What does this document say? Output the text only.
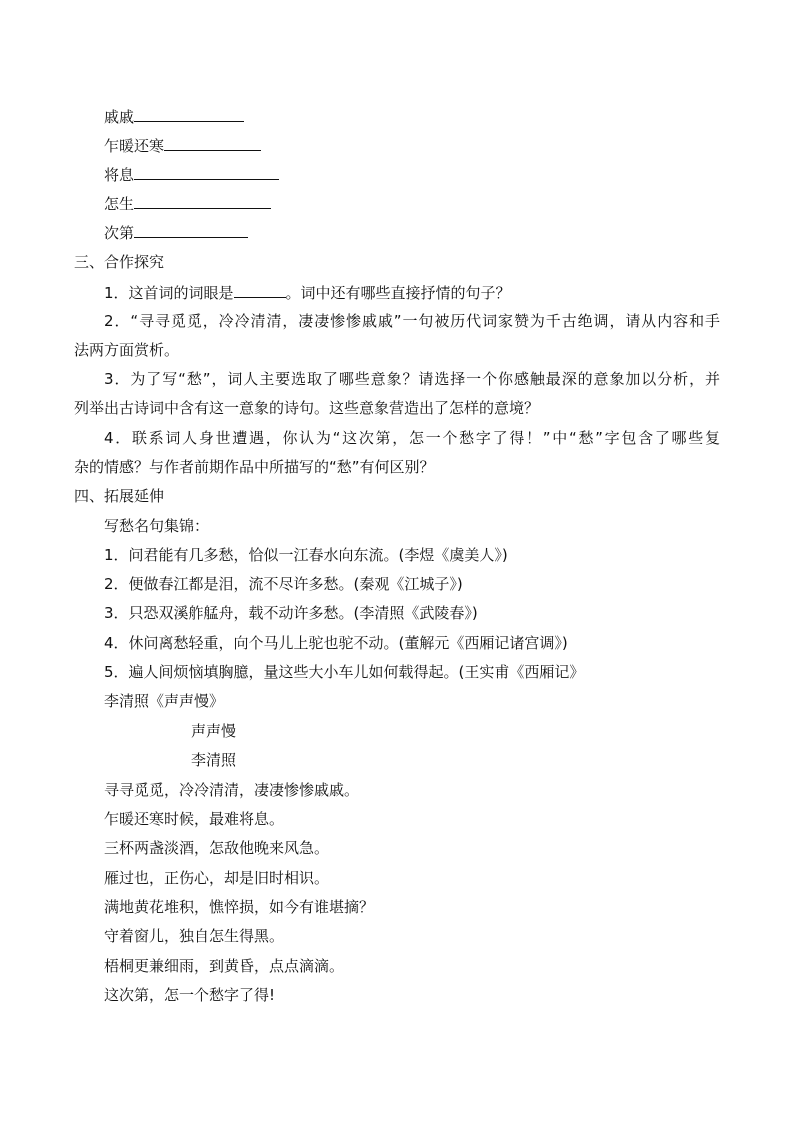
戚戚
乍暖还寒
将息
怎生
次第
三、合作探究
1．这首词的词眼是	。词中还有哪些直接抒情的句子？
2．“寻寻觅觅，冷冷清清，凄凄惨惨戚戚”一句被历代词家赞为千古绝调，请从内容和手
法两方面赏析。
3．为了写“愁”，词人主要选取了哪些意象？请选择一个你感触最深的意象加以分析，并
列举出古诗词中含有这一意象的诗句。这些意象营造出了怎样的意境？
4．联系词人身世遭遇，你认为“这次第，怎一个愁字了得！”中“愁”字包含了哪些复
杂的情感？与作者前期作品中所描写的“愁”有何区别？
四、拓展延伸
写愁名句集锦：
1．问君能有几多愁，恰似一江春水向东流。(李煜《虞美人》)
2．便做春江都是泪，流不尽许多愁。(秦观《江城子》)
3．只恐双溪舴艋舟，载不动许多愁。(李清照《武陵春》)
4．休问离愁轻重，向个马儿上驼也驼不动。(董解元《西厢记诸宫调》)
5．遍人间烦恼填胸臆，量这些大小车儿如何载得起。(王实甫《西厢记》
李清照《声声慢》
声声慢
李清照
寻寻觅觅，冷冷清清，凄凄惨惨戚戚。
乍暖还寒时候，最难将息。
三杯两盏淡酒，怎敌他晚来风急。
雁过也，正伤心，却是旧时相识。
满地黄花堆积，憔悴损，如今有谁堪摘？
守着窗儿，独自怎生得黑。
梧桐更兼细雨，到黄昏，点点滴滴。
这次第，怎一个愁字了得!
